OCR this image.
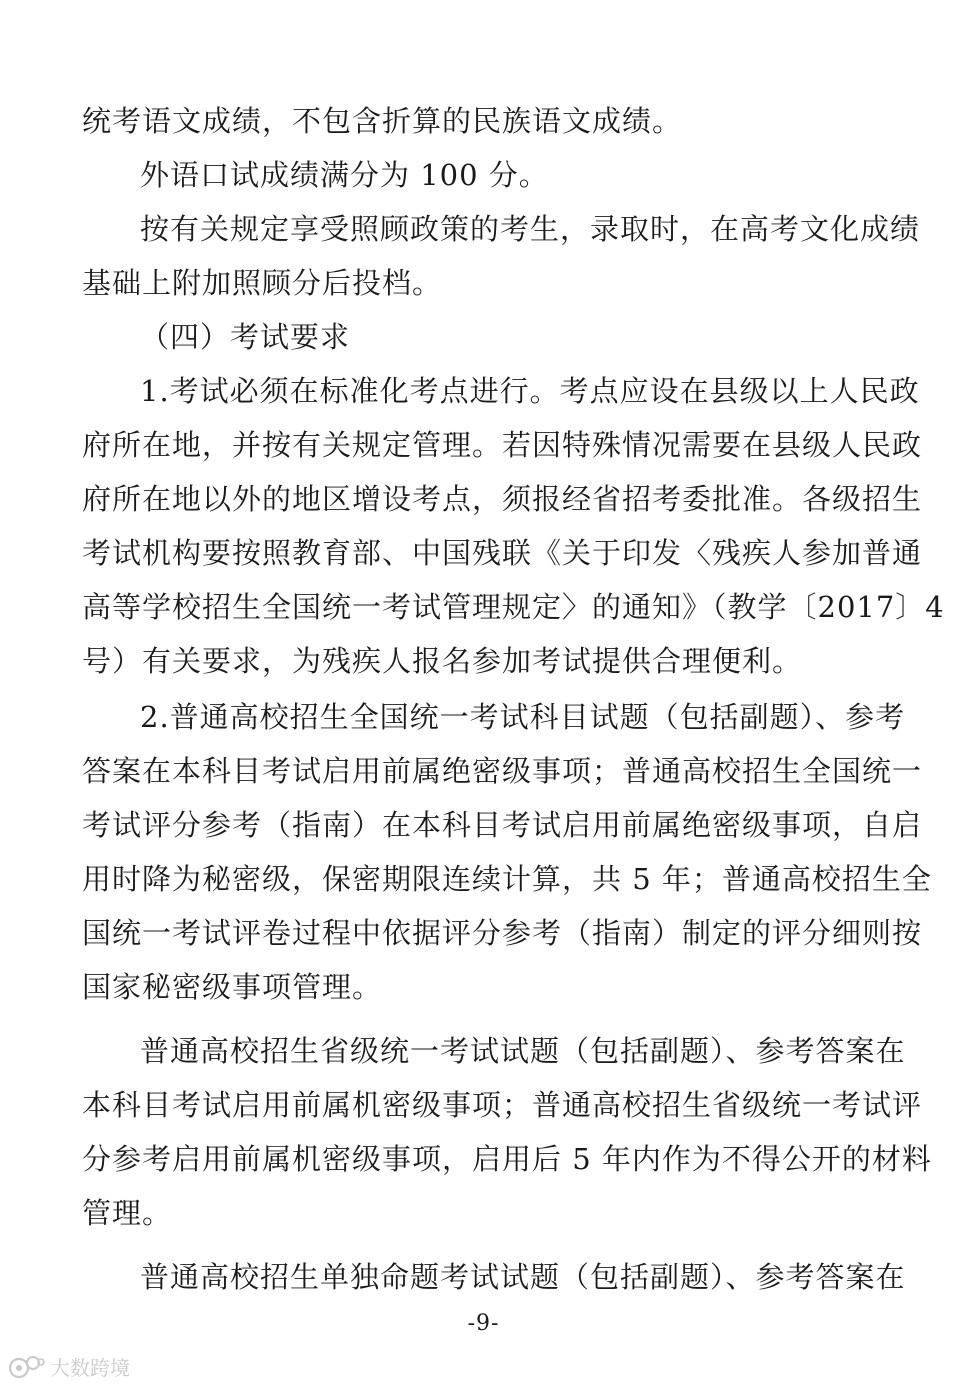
统考语文成绩，不包含折算的民族语文成绩。
外语口试成绩满分为 100 分。
按有关规定享受照顾政策的考生，录取时，在高考文化成绩
基础上附加照顾分后投档。
（四）考试要求
1.考试必须在标准化考点进行。考点应设在县级以上人民政
府所在地，并按有关规定管理。若因特殊情况需要在县级人民政
府所在地以外的地区增设考点，须报经省招考委批准。各级招生
考试机构要按照教育部、中国残联《关于印发〈残疾人参加普通
高等学校招生全国统一考试管理规定〉的通知》（教学〔2017〕4
号）有关要求，为残疾人报名参加考试提供合理便利。
2.普通高校招生全国统一考试科目试题（包括副题）、参考
答案在本科目考试启用前属绝密级事项；普通高校招生全国统一
考试评分参考（指南）在本科目考试启用前属绝密级事项，自启
用时降为秘密级，保密期限连续计算，共 5 年；普通高校招生全
国统一考试评卷过程中依据评分参考（指南）制定的评分细则按
国家秘密级事项管理。
普通高校招生省级统一考试试题（包括副题）、参考答案在
本科目考试启用前属机密级事项；普通高校招生省级统一考试评
分参考启用前属机密级事项，启用后 5 年内作为不得公开的材料
管理。
普通高校招生单独命题考试试题（包括副题）、参考答案在
-9-
大数跨境
